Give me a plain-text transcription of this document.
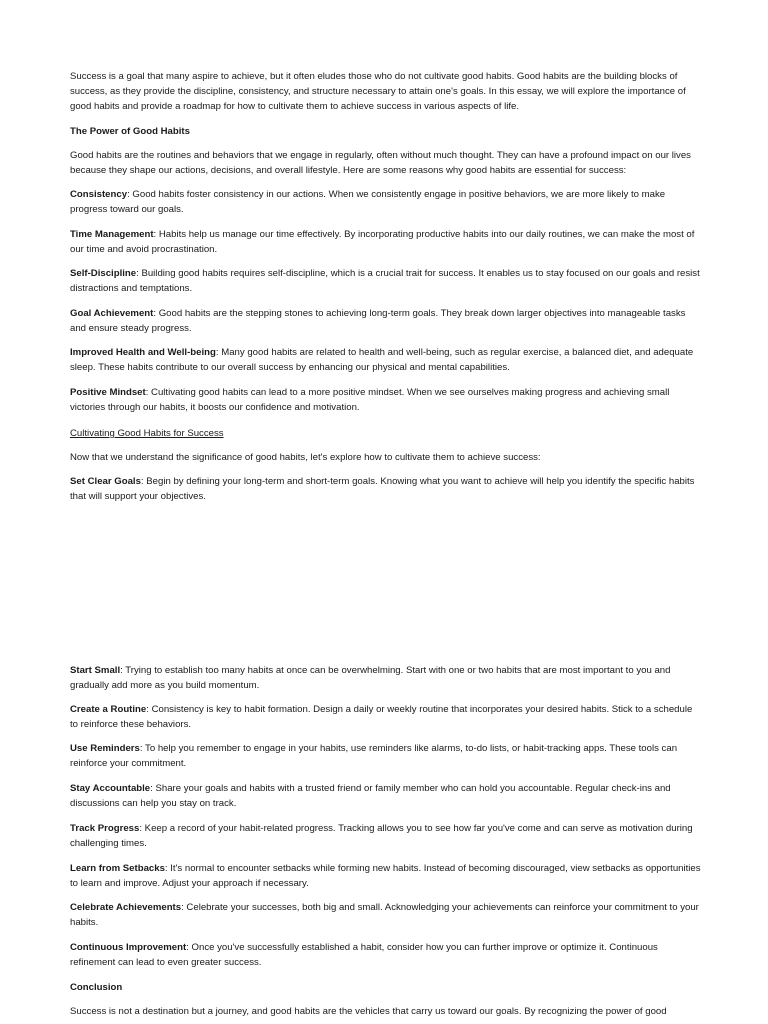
Success is a goal that many aspire to achieve, but it often eludes those who do not cultivate good habits. Good habits are the building blocks of success, as they provide the discipline, consistency, and structure necessary to attain one's goals. In this essay, we will explore the importance of good habits and provide a roadmap for how to cultivate them to achieve success in various aspects of life.

The Power of Good Habits

Good habits are the routines and behaviors that we engage in regularly, often without much thought. They can have a profound impact on our lives because they shape our actions, decisions, and overall lifestyle. Here are some reasons why good habits are essential for success:

Consistency: Good habits foster consistency in our actions. When we consistently engage in positive behaviors, we are more likely to make progress toward our goals.

Time Management: Habits help us manage our time effectively. By incorporating productive habits into our daily routines, we can make the most of our time and avoid procrastination.

Self-Discipline: Building good habits requires self-discipline, which is a crucial trait for success. It enables us to stay focused on our goals and resist distractions and temptations.

Goal Achievement: Good habits are the stepping stones to achieving long-term goals. They break down larger objectives into manageable tasks and ensure steady progress.

Improved Health and Well-being: Many good habits are related to health and well-being, such as regular exercise, a balanced diet, and adequate sleep. These habits contribute to our overall success by enhancing our physical and mental capabilities.

Positive Mindset: Cultivating good habits can lead to a more positive mindset. When we see ourselves making progress and achieving small victories through our habits, it boosts our confidence and motivation.

Cultivating Good Habits for Success

Now that we understand the significance of good habits, let's explore how to cultivate them to achieve success:

Set Clear Goals: Begin by defining your long-term and short-term goals. Knowing what you want to achieve will help you identify the specific habits that will support your objectives.

Start Small: Trying to establish too many habits at once can be overwhelming. Start with one or two habits that are most important to you and gradually add more as you build momentum.

Create a Routine: Consistency is key to habit formation. Design a daily or weekly routine that incorporates your desired habits. Stick to a schedule to reinforce these behaviors.

Use Reminders: To help you remember to engage in your habits, use reminders like alarms, to-do lists, or habit-tracking apps. These tools can reinforce your commitment.

Stay Accountable: Share your goals and habits with a trusted friend or family member who can hold you accountable. Regular check-ins and discussions can help you stay on track.

Track Progress: Keep a record of your habit-related progress. Tracking allows you to see how far you've come and can serve as motivation during challenging times.

Learn from Setbacks: It's normal to encounter setbacks while forming new habits. Instead of becoming discouraged, view setbacks as opportunities to learn and improve. Adjust your approach if necessary.

Celebrate Achievements: Celebrate your successes, both big and small. Acknowledging your achievements can reinforce your commitment to your habits.

Continuous Improvement: Once you've successfully established a habit, consider how you can further improve or optimize it. Continuous refinement can lead to even greater success.

Conclusion

Success is not a destination but a journey, and good habits are the vehicles that carry us toward our goals. By recognizing the power of good
